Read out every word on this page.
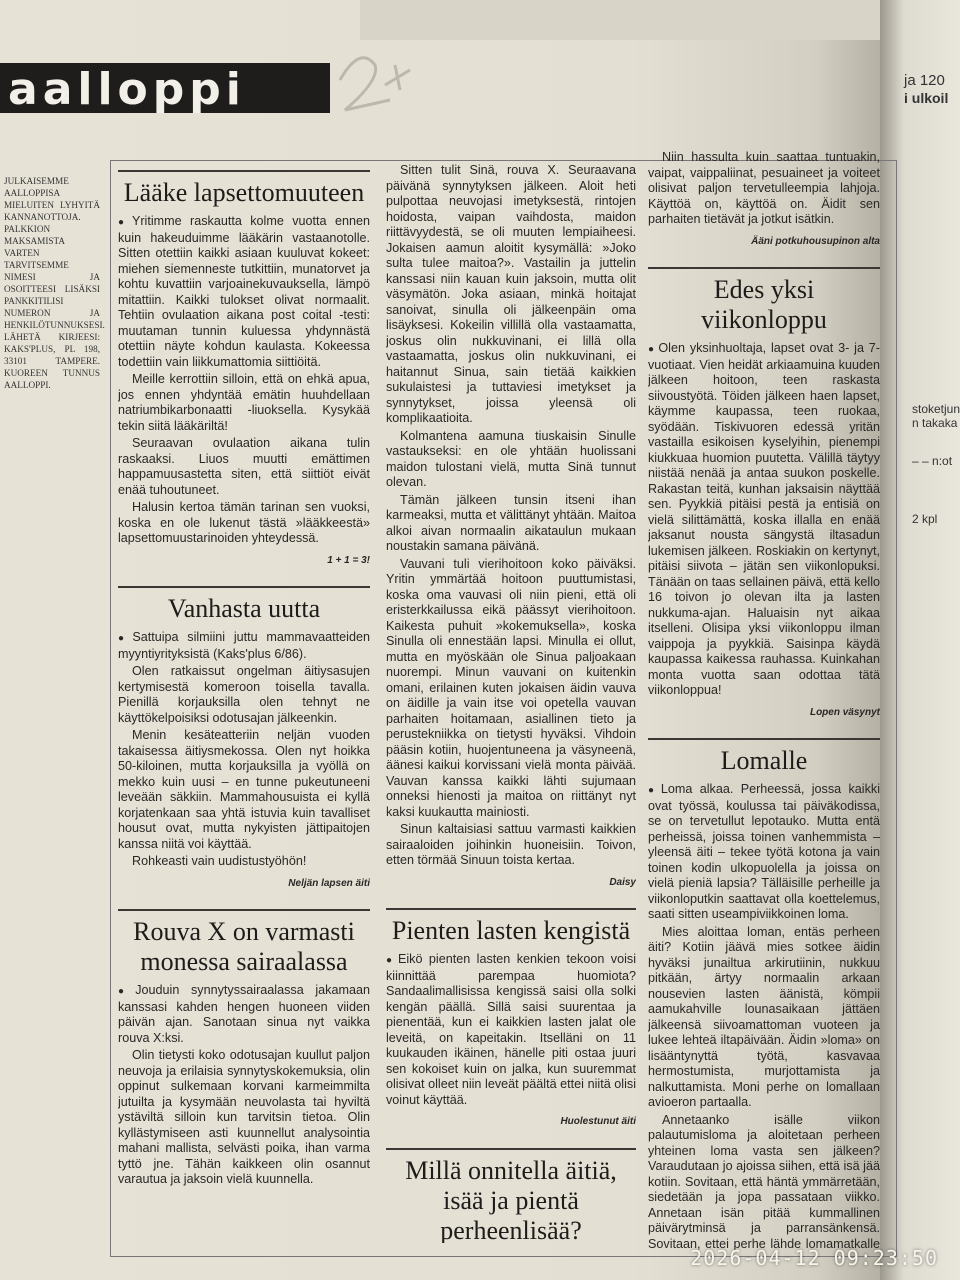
ja 120
i ulkoil
stoketjun
n takaka
– – n:ot
2 kpl
aalloppi
JULKAISEMME AALLOPPISA MIELUITEN LYHYITÄ KANNANOTTOJA. PALKKION MAKSAMISTA VARTEN TARVITSEMME NIMESI JA OSOITTEESI LISÄKSI PANKKITILISI NUMERON JA HENKILÖTUNNUKSESI. LÄHETÄ KIRJEESI: KAKS'PLUS, PL 198, 33101 TAMPERE. KUOREEN TUNNUS AALLOPPI.
Lääke lapsettomuuteen

● Yritimme raskautta kolme vuotta ennen kuin hakeuduimme lääkärin vastaanotolle. Sitten otettiin kaikki asiaan kuuluvat kokeet: miehen siemenneste tutkittiin, munatorvet ja kohtu kuvattiin varjoainekuvauksella, lämpö mitattiin. Kaikki tulokset olivat normaalit. Tehtiin ovulaation aikana post coital -testi: muutaman tunnin kuluessa yhdynnästä otettiin näyte kohdun kaulasta. Kokeessa todettiin vain liikkumattomia siittiöitä.

Meille kerrottiin silloin, että on ehkä apua, jos ennen yhdyntää emätin huuhdellaan natriumbikarbonaatti -liuoksella. Kysykää tekin siitä lääkäriltä!

Seuraavan ovulaation aikana tulin raskaaksi. Liuos muutti emättimen happamuusastetta siten, että siittiöt eivät enää tuhoutuneet.

Halusin kertoa tämän tarinan sen vuoksi, koska en ole lukenut tästä »lääkkeestä» lapsettomuustarinoiden yhteydessä.

1 + 1 = 3!
Vanhasta uutta

● Sattuipa silmiini juttu mammavaatteiden myyntiyrityksistä (Kaks'plus 6/86).

Olen ratkaissut ongelman äitiysasujen kertymisestä komeroon toisella tavalla. Pienillä korjauksilla olen tehnyt ne käyttökelpoisiksi odotusajan jälkeenkin.

Menin kesäteatteriin neljän vuoden takaisessa äitiysmekossa. Olen nyt hoikka 50-kiloinen, mutta korjauksilla ja vyöllä on mekko kuin uusi – en tunne pukeutuneeni leveään säkkiin. Mammahousuista ei kyllä korjatenkaan saa yhtä istuvia kuin tavalliset housut ovat, mutta nykyisten jättipaitojen kanssa niitä voi käyttää.

Rohkeasti vain uudistustyöhön!

Neljän lapsen äiti
Rouva X on varmasti monessa sairaalassa

● Jouduin synnytyssairaalassa jakamaan kanssasi kahden hengen huoneen viiden päivän ajan. Sanotaan sinua nyt vaikka rouva X:ksi.

Olin tietysti koko odotusajan kuullut paljon neuvoja ja erilaisia synnytyskokemuksia, olin oppinut sulkemaan korvani karmeimmilta jutuilta ja kysymään neuvolasta tai hyviltä ystäviltä silloin kun tarvitsin tietoa. Olin kyllästymiseen asti kuunnellut analysointia mahani mallista, selvästi poika, ihan varma tyttö jne. Tähän kaikkeen olin osannut varautua ja jaksoin vielä kuunnella.

Sitten tulit Sinä, rouva X. Seuraavana päivänä synnytyksen jälkeen. Aloit heti pulpottaa neuvojasi imetyksestä, rintojen hoidosta, vaipan vaihdosta, maidon riittävyydestä, se oli muuten lempiaiheesi. Jokaisen aamun aloitit kysymällä: »Joko sulta tulee maitoa?». Vastailin ja juttelin kanssasi niin kauan kuin jaksoin, mutta olit väsymätön. Joka asiaan, minkä hoitajat sanoivat, sinulla oli jälkeenpäin oma lisäyksesi. Kokeilin villillä olla vastaamatta, joskus olin nukkuvinani, ei lillä olla vastaamatta, joskus olin nukkuvinani, ei haitannut Sinua, sain tietää kaikkien sukulaistesi ja tuttaviesi imetykset ja synnytykset, joissa yleensä oli komplikaatioita.

Kolmantena aamuna tiuskaisin Sinulle vastaukseksi: en ole yhtään huolissani maidon tulostani vielä, mutta Sinä tunnut olevan.

Tämän jälkeen tunsin itseni ihan karmeaksi, mutta et välittänyt yhtään. Maitoa alkoi aivan normaalin aikataulun mukaan noustakin samana päivänä.

Vauvani tuli vierihoitoon koko päiväksi. Yritin ymmärtää hoitoon puuttumistasi, koska oma vauvasi oli niin pieni, että oli eristerkkailussa eikä päässyt vierihoitoon. Kaikesta puhuit »kokemuksella», koska Sinulla oli ennestään lapsi. Minulla ei ollut, mutta en myöskään ole Sinua paljoakaan nuorempi. Minun vauvani on kuitenkin omani, erilainen kuten jokaisen äidin vauva on äidille ja vain itse voi opetella vauvan parhaiten hoitamaan, asiallinen tieto ja perustekniikka on tietysti hyväksi. Vihdoin pääsin kotiin, huojentuneena ja väsyneenä, äänesi kaikui korvissani vielä monta päivää. Vauvan kanssa kaikki lähti sujumaan onneksi hienosti ja maitoa on riittänyt nyt kaksi kuukautta mainiosti.

Sinun kaltaisiasi sattuu varmasti kaikkien sairaaloiden joihinkin huoneisiin. Toivon, etten törmää Sinuun toista kertaa.

Daisy
Pienten lasten kengistä

● Eikö pienten lasten kenkien tekoon voisi kiinnittää parempaa huomiota? Sandaalimallisissa kengissä saisi olla solki kengän päällä. Sillä saisi suurentaa ja pienentää, kun ei kaikkien lasten jalat ole leveitä, on kapeitakin. Itselläni on 11 kuukauden ikäinen, hänelle piti ostaa juuri sen kokoiset kuin on jalka, kun suuremmat olisivat olleet niin leveät päältä ettei niitä olisi voinut käyttää.

Huolestunut äiti
Millä onnitella äitiä, isää ja pientä perheenlisää?

Niin hassulta kuin saattaa tuntuakin, vaipat, vaippaliinat, pesuaineet ja voiteet olisivat paljon tervetulleempia lahjoja. Käyttöä on, käyttöä on. Äidit sen parhaiten tietävät ja jotkut isätkin.

Ääni potkuhousupinon alta
Edes yksi viikonloppu

● Olen yksinhuoltaja, lapset ovat 3- ja 7-vuotiaat. Vien heidät arkiaamuina kuuden jälkeen hoitoon, teen raskasta siivoustyötä. Töiden jälkeen haen lapset, käymme kaupassa, teen ruokaa, syödään. Tiskivuoren edessä yritän vastailla esikoisen kyselyihin, pienempi kiukkuaa huomion puutetta. Välillä täytyy niistää nenää ja antaa suukon poskelle. Rakastan teitä, kunhan jaksaisin näyttää sen. Pyykkiä pitäisi pestä ja entisiä on vielä silittämättä, koska illalla en enää jaksanut nousta sängystä iltasadun lukemisen jälkeen. Roskiakin on kertynyt, pitäisi siivota – jätän sen viikonlopuksi. Tänään on taas sellainen päivä, että kello 16 toivon jo olevan ilta ja lasten nukkuma-ajan. Haluaisin nyt aikaa itselleni. Olisipa yksi viikonloppu ilman vaippoja ja pyykkiä. Saisinpa käydä kaupassa kaikessa rauhassa. Kuinkahan monta vuotta saan odottaa tätä viikonloppua!

Lopen väsynyt
Lomalle

● Loma alkaa. Perheessä, jossa kaikki ovat työssä, koulussa tai päiväkodissa, se on tervetullut lepotauko. Mutta entä perheissä, joissa toinen vanhemmista – yleensä äiti – tekee työtä kotona ja vain toinen kodin ulkopuolella ja joissa on vielä pieniä lapsia? Tälläisille perheille ja viikonloputkin saattavat olla koettelemus, saati sitten useampiviikkoinen loma.

Mies aloittaa loman, entäs perheen äiti? Kotiin jäävä mies sotkee äidin hyväksi junailtua arkirutiinin, nukkuu pitkään, ärtyy normaalin arkaan nousevien lasten äänistä, kömpii aamukahville lounasaikaan jättäen jälkeensä siivoamattoman vuoteen ja lukee lehteä iltapäivään. Äidin »loma» on lisääntynyttä työtä, kasvavaa hermostumista, murjottamista ja nalkuttamista. Moni perhe on lomallaan avioeron partaalla.

Annetaanko isälle viikon palautumisloma ja aloitetaan perheen yhteinen loma vasta sen jälkeen? Varaudutaan jo ajoissa siihen, että isä jää kotiin. Sovitaan, että häntä ymmärretään, siedetään ja jopa passataan viikko. Annetaan isän pitää kummallinen päivärytminsä ja parransänkensä. Sovitaan, ettei perhe lähde lomamatkalle

2026-04-12 09:23:50
